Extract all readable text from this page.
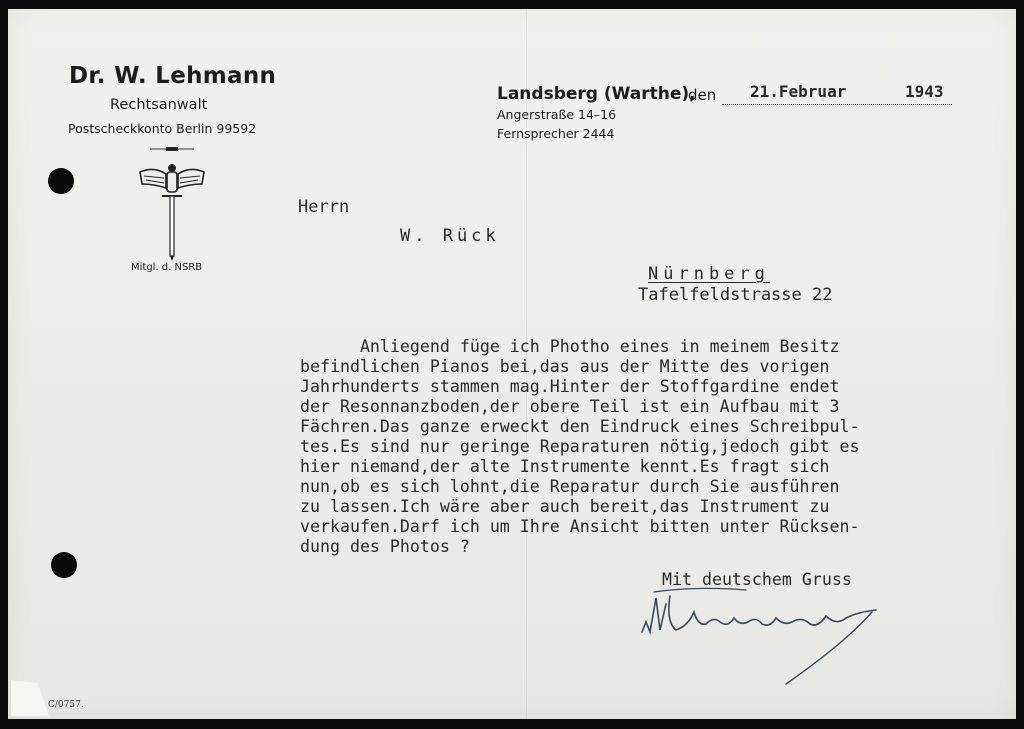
Dr. W. Lehmann
Rechtsanwalt
Postscheckkonto Berlin 99592
Mitgl. d. NSRB
Landsberg (Warthe),
den 21.Februar	1943
Angerstraße 14–16
Fernsprecher 2444
Herrn
W. Rück
Nürnberg
Tafelfeldstrasse 22
Anliegend füge ich Photho eines in meinem Besitz
befindlichen Pianos bei,das aus der Mitte des vorigen
Jahrhunderts stammen mag.Hinter der Stoffgardine endet
der Resonnanzboden,der obere Teil ist ein Aufbau mit 3
Fächren.Das ganze erweckt den Eindruck eines Schreibpul-
tes.Es sind nur geringe Reparaturen nötig,jedoch gibt es
hier niemand,der alte Instrumente kennt.Es fragt sich
nun,ob es sich lohnt,die Reparatur durch Sie ausführen
zu lassen.Ich wäre aber auch bereit,das Instrument zu
verkaufen.Darf ich um Ihre Ansicht bitten unter Rücksen-
dung des Photos ?
Mit deutschem Gruss
C/0757.
